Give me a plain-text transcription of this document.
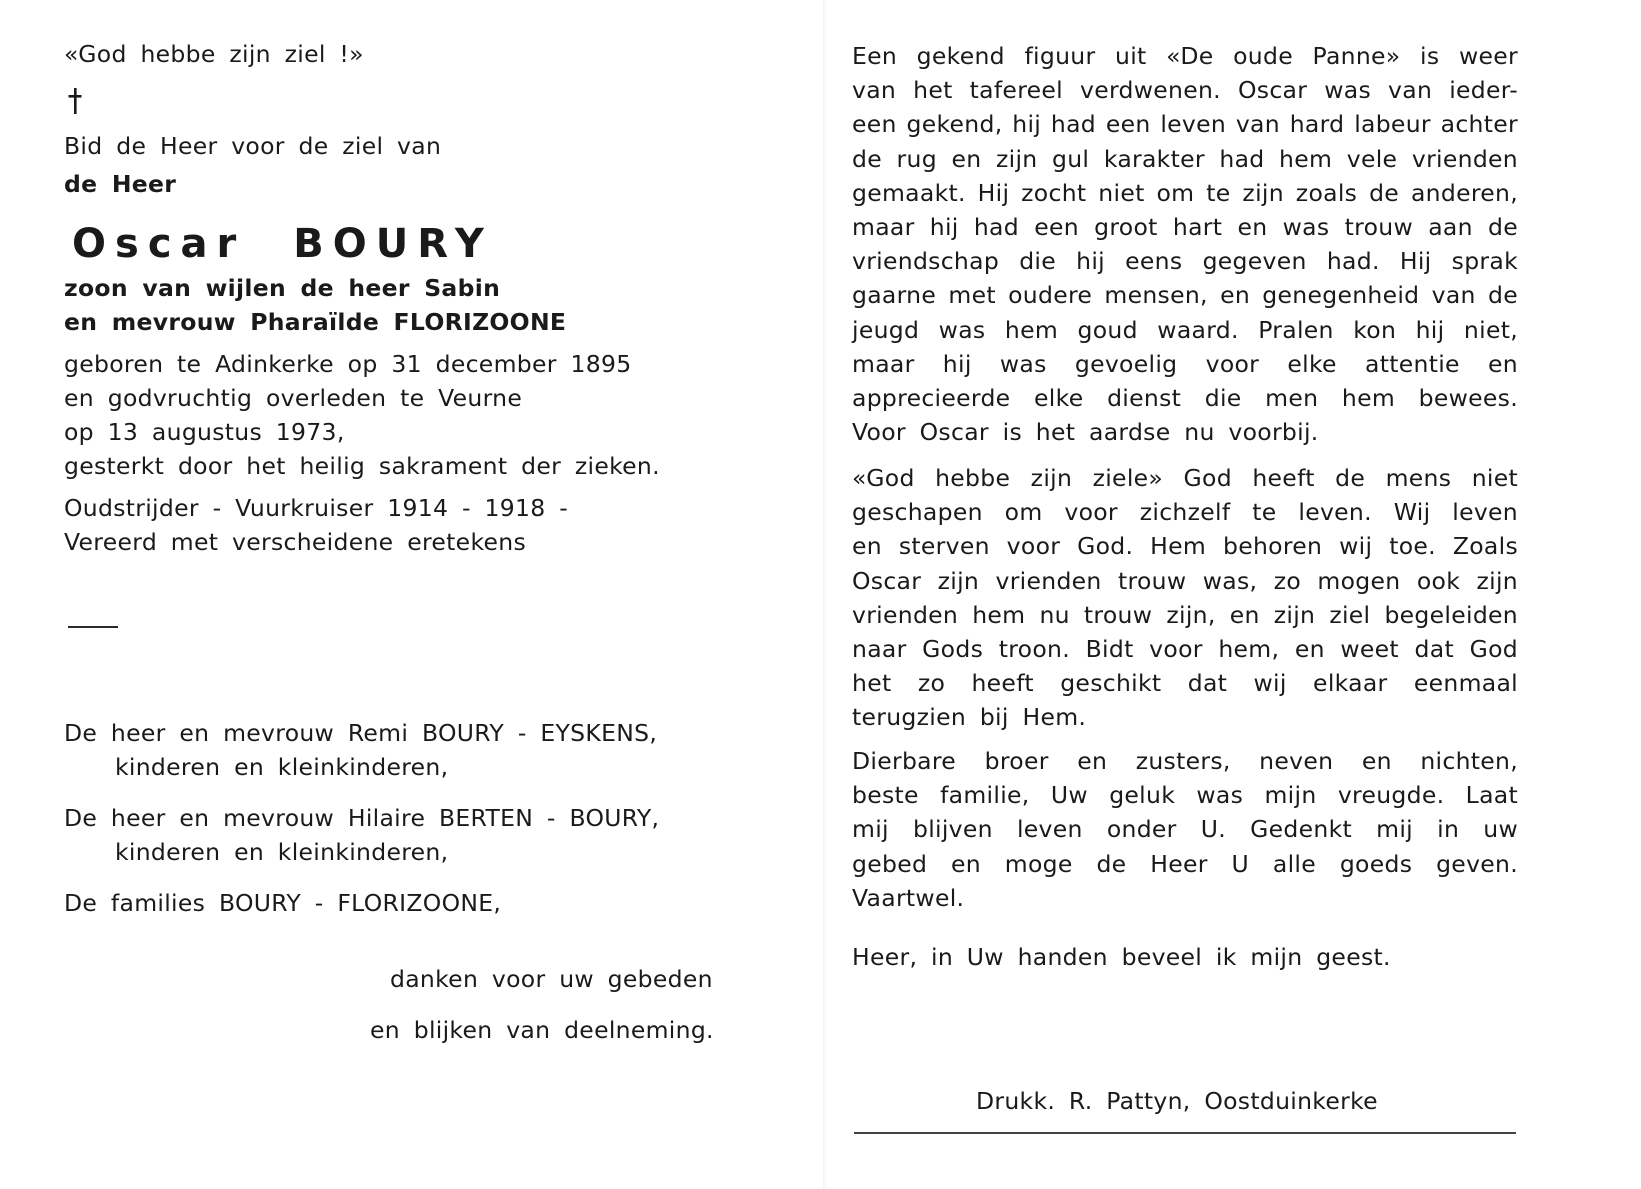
«God hebbe zijn ziel !»

Bid de Heer voor de ziel van

de Heer

Oscar BOURY

zoon van wijlen de heer Sabin

en mevrouw Pharaïlde FLORIZOONE

geboren te Adinkerke op 31 december 1895

en godvruchtig overleden te Veurne

op 13 augustus 1973,

gesterkt door het heilig sakrament der zieken.

Oudstrijder - Vuurkruiser 1914 - 1918 -

Vereerd met verscheidene eretekens

De heer en mevrouw Remi BOURY - EYSKENS,

kinderen en kleinkinderen,

De heer en mevrouw Hilaire BERTEN - BOURY,

kinderen en kleinkinderen,

De families BOURY - FLORIZOONE,

danken voor uw gebeden

en blijken van deelneming.

Een gekend figuur uit «De oude Panne» is weer

van het tafereel verdwenen. Oscar was van ieder-

een gekend, hij had een leven van hard labeur achter

de rug en zijn gul karakter had hem vele vrienden

gemaakt. Hij zocht niet om te zijn zoals de anderen,

maar hij had een groot hart en was trouw aan de

vriendschap die hij eens gegeven had. Hij sprak

gaarne met oudere mensen, en genegenheid van de

jeugd was hem goud waard. Pralen kon hij niet,

maar hij was gevoelig voor elke attentie en

apprecieerde elke dienst die men hem bewees.

Voor Oscar is het aardse nu voorbij.

«God hebbe zijn ziele» God heeft de mens niet

geschapen om voor zichzelf te leven. Wij leven

en sterven voor God. Hem behoren wij toe. Zoals

Oscar zijn vrienden trouw was, zo mogen ook zijn

vrienden hem nu trouw zijn, en zijn ziel begeleiden

naar Gods troon. Bidt voor hem, en weet dat God

het zo heeft geschikt dat wij elkaar eenmaal

terugzien bij Hem.

Dierbare broer en zusters, neven en nichten,

beste familie, Uw geluk was mijn vreugde. Laat

mij blijven leven onder U. Gedenkt mij in uw

gebed en moge de Heer U alle goeds geven.

Vaartwel.

Heer, in Uw handen beveel ik mijn geest.

Drukk. R. Pattyn, Oostduinkerke
